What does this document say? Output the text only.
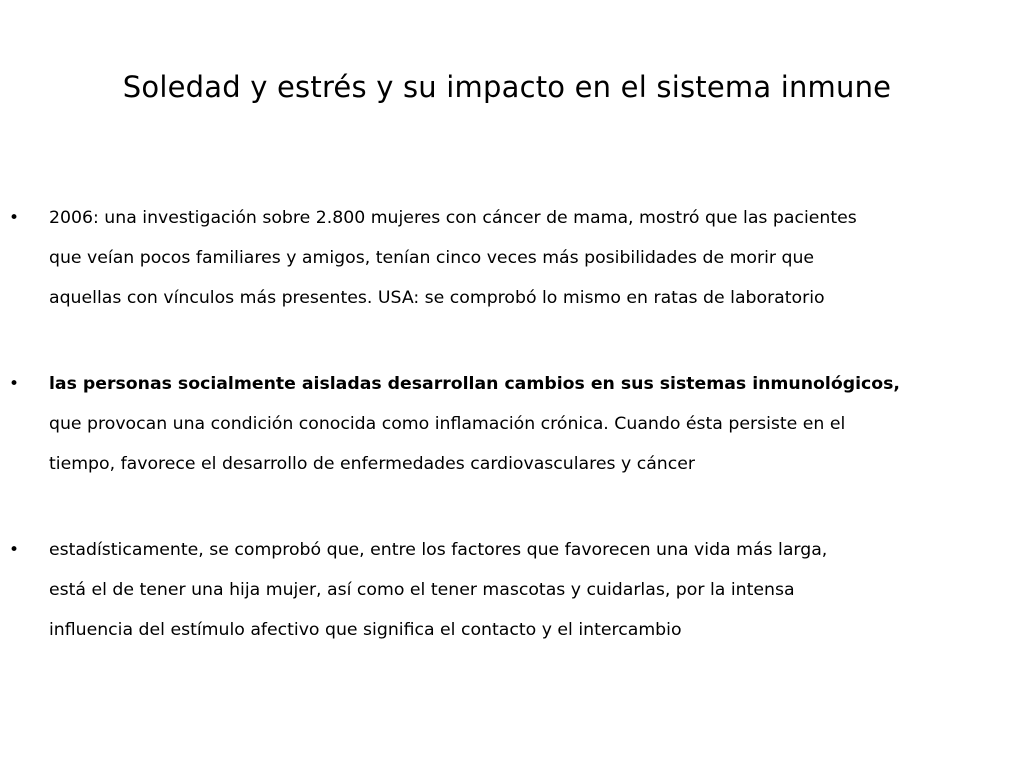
Soledad y estrés y su impacto en el sistema inmune
• 2006: una investigación sobre 2.800 mujeres con cáncer de mama, mostró que las pacientes
que veían pocos familiares y amigos, tenían cinco veces más posibilidades de morir que
aquellas con vínculos más presentes. USA: se comprobó lo mismo en ratas de laboratorio
• las personas socialmente aisladas desarrollan cambios en sus sistemas inmunológicos,
que provocan una condición conocida como inflamación crónica. Cuando ésta persiste en el
tiempo, favorece el desarrollo de enfermedades cardiovasculares y cáncer
• estadísticamente, se comprobó que, entre los factores que favorecen una vida más larga,
está el de tener una hija mujer, así como el tener mascotas y cuidarlas, por la intensa
influencia del estímulo afectivo que significa el contacto y el intercambio
